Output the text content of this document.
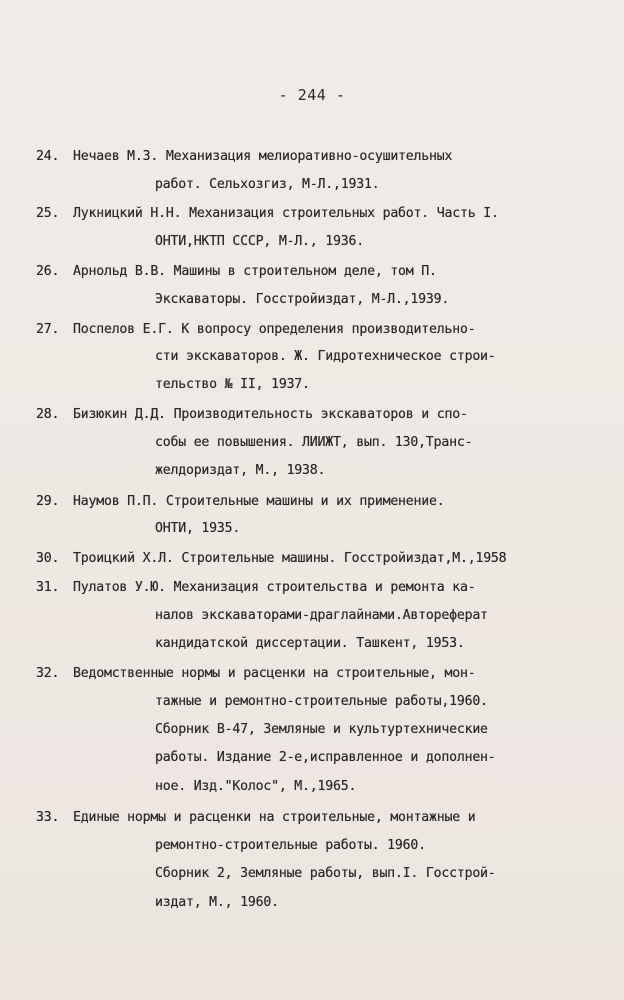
- 244 -
24. Нечаев М.З. Механизация мелиоративно-осушительных
работ. Сельхозгиз, М-Л.,1931.
25. Лукницкий Н.Н. Механизация строительных работ. Часть I.
ОНТИ,НКТП СССР, М-Л., 1936.
26. Арнольд В.В. Машины в строительном деле, том П.
Экскаваторы. Госстройиздат, М-Л.,1939.
27. Поспелов Е.Г. К вопросу определения производительно-
сти экскаваторов. Ж. Гидротехническое строи-
тельство № II, 1937.
28. Бизюкин Д.Д. Производительность экскаваторов и спо-
собы ее повышения. ЛИИЖТ, вып. 130,Транс-
желдориздат, М., 1938.
29. Наумов П.П. Строительные машины и их применение.
ОНТИ, 1935.
30. Троицкий Х.Л. Строительные машины. Госстройиздат,М.,1958
31. Пулатов У.Ю. Механизация строительства и ремонта ка-
налов экскаваторами-драглайнами.Автореферат
кандидатской диссертации. Ташкент, 1953.
32. Ведомственные нормы и расценки на строительные, мон-
тажные и ремонтно-строительные работы,1960.
Сборник В-47, Земляные и культуртехнические
работы. Издание 2-е,исправленное и дополнен-
ное. Изд."Колос", М.,1965.
33. Единые нормы и расценки на строительные, монтажные и
ремонтно-строительные работы. 1960.
Сборник 2, Земляные работы, вып.I. Госстрой-
издат, М., 1960.
